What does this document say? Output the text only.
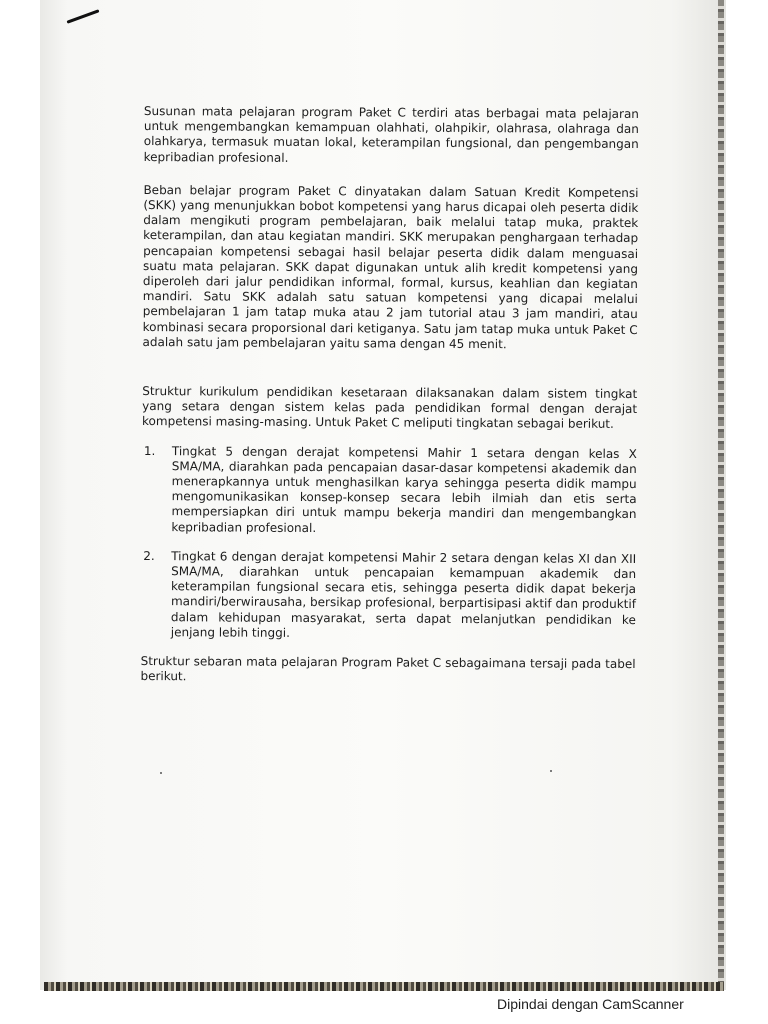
Susunan mata pelajaran program Paket C terdiri atas berbagai mata pelajaran untuk mengembangkan kemampuan olahhati, olahpikir, olahrasa, olahraga dan olahkarya, termasuk muatan lokal, keterampilan fungsional, dan pengembangan kepribadian profesional.

Beban belajar program Paket C dinyatakan dalam Satuan Kredit Kompetensi (SKK) yang menunjukkan bobot kompetensi yang harus dicapai oleh peserta didik dalam mengikuti program pembelajaran, baik melalui tatap muka, praktek keterampilan, dan atau kegiatan mandiri. SKK merupakan penghargaan terhadap pencapaian kompetensi sebagai hasil belajar peserta didik dalam menguasai suatu mata pelajaran. SKK dapat digunakan untuk alih kredit kompetensi yang diperoleh dari jalur pendidikan informal, formal, kursus, keahlian dan kegiatan mandiri. Satu SKK adalah satu satuan kompetensi yang dicapai melalui pembelajaran 1 jam tatap muka atau 2 jam tutorial atau 3 jam mandiri, atau kombinasi secara proporsional dari ketiganya. Satu jam tatap muka untuk Paket C adalah satu jam pembelajaran yaitu sama dengan 45 menit.

Struktur kurikulum pendidikan kesetaraan dilaksanakan dalam sistem tingkat yang setara dengan sistem kelas pada pendidikan formal dengan derajat kompetensi masing-masing. Untuk Paket C meliputi tingkatan sebagai berikut.

1.	Tingkat 5 dengan derajat kompetensi Mahir 1 setara dengan kelas X SMA/MA, diarahkan pada pencapaian dasar-dasar kompetensi akademik dan menerapkannya untuk menghasilkan karya sehingga peserta didik mampu mengomunikasikan konsep-konsep secara lebih ilmiah dan etis serta mempersiapkan diri untuk mampu bekerja mandiri dan mengembangkan kepribadian profesional.
2.	Tingkat 6 dengan derajat kompetensi Mahir 2 setara dengan kelas XI dan XII SMA/MA, diarahkan untuk pencapaian kemampuan akademik dan keterampilan fungsional secara etis, sehingga peserta didik dapat bekerja mandiri/berwirausaha, bersikap profesional, berpartisipasi aktif dan produktif dalam kehidupan masyarakat, serta dapat melanjutkan pendidikan ke jenjang lebih tinggi.

Struktur sebaran mata pelajaran Program Paket C sebagaimana tersaji pada tabel berikut.

Dipindai dengan CamScanner
